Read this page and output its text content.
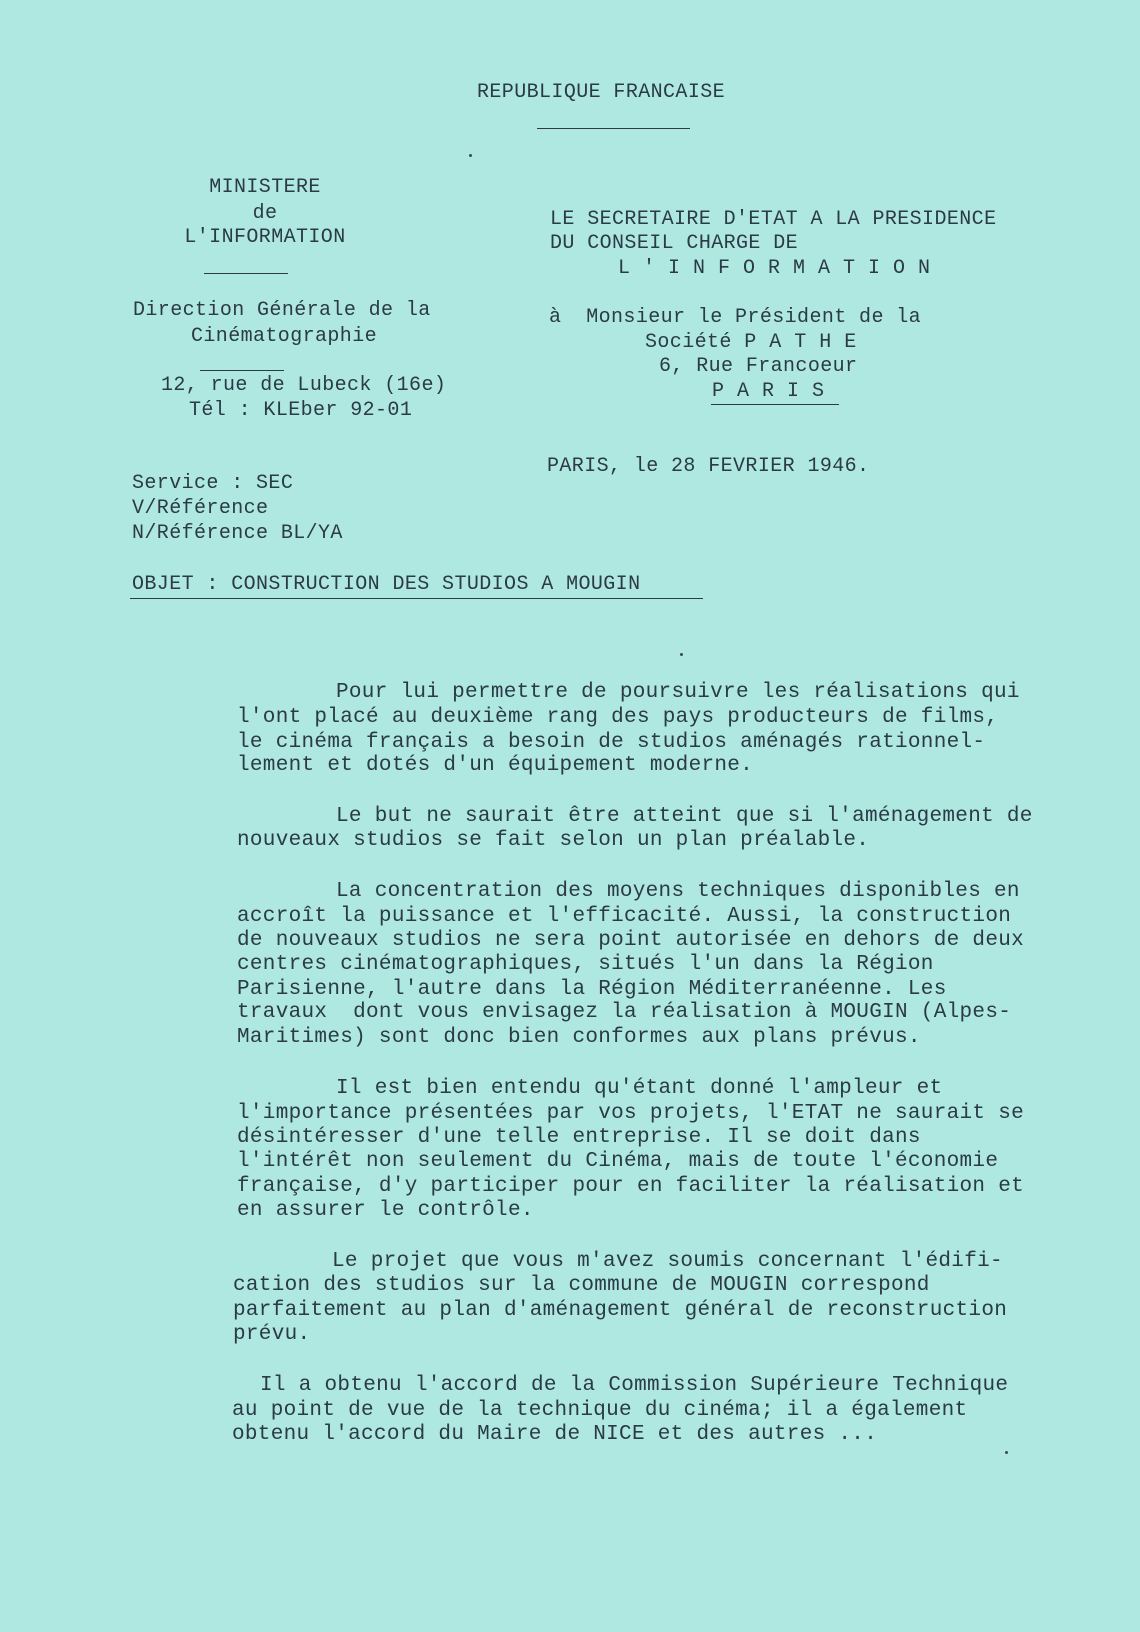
REPUBLIQUE FRANCAISE
MINISTERE
de
L'INFORMATION
Direction Générale de la
Cinématographie
12, rue de Lubeck (16e)
Tél : KLEber 92-01
Service : SEC
V/Référence
N/Référence BL/YA
LE SECRETAIRE D'ETAT A LA PRESIDENCE
DU CONSEIL CHARGE DE
L'INFORMATION
à  Monsieur le Président de la
Société PATHE
6, Rue Francoeur
PARIS
PARIS, le 28 FEVRIER 1946.
OBJET : CONSTRUCTION DES STUDIOS A MOUGIN
Pour lui permettre de poursuivre les réalisations qui
l'ont placé au deuxième rang des pays producteurs de films,
le cinéma français a besoin de studios aménagés rationnel-
lement et dotés d'un équipement moderne.
Le but ne saurait être atteint que si l'aménagement de
nouveaux studios se fait selon un plan préalable.
La concentration des moyens techniques disponibles en
accroît la puissance et l'efficacité. Aussi, la construction
de nouveaux studios ne sera point autorisée en dehors de deux
centres cinématographiques, situés l'un dans la Région
Parisienne, l'autre dans la Région Méditerranéenne. Les
travaux  dont vous envisagez la réalisation à MOUGIN (Alpes-
Maritimes) sont donc bien conformes aux plans prévus.
Il est bien entendu qu'étant donné l'ampleur et
l'importance présentées par vos projets, l'ETAT ne saurait se
désintéresser d'une telle entreprise. Il se doit dans
l'intérêt non seulement du Cinéma, mais de toute l'économie
française, d'y participer pour en faciliter la réalisation et
en assurer le contrôle.
Le projet que vous m'avez soumis concernant l'édifi-
cation des studios sur la commune de MOUGIN correspond
parfaitement au plan d'aménagement général de reconstruction
prévu.
Il a obtenu l'accord de la Commission Supérieure Technique
au point de vue de la technique du cinéma; il a également
obtenu l'accord du Maire de NICE et des autres ...
